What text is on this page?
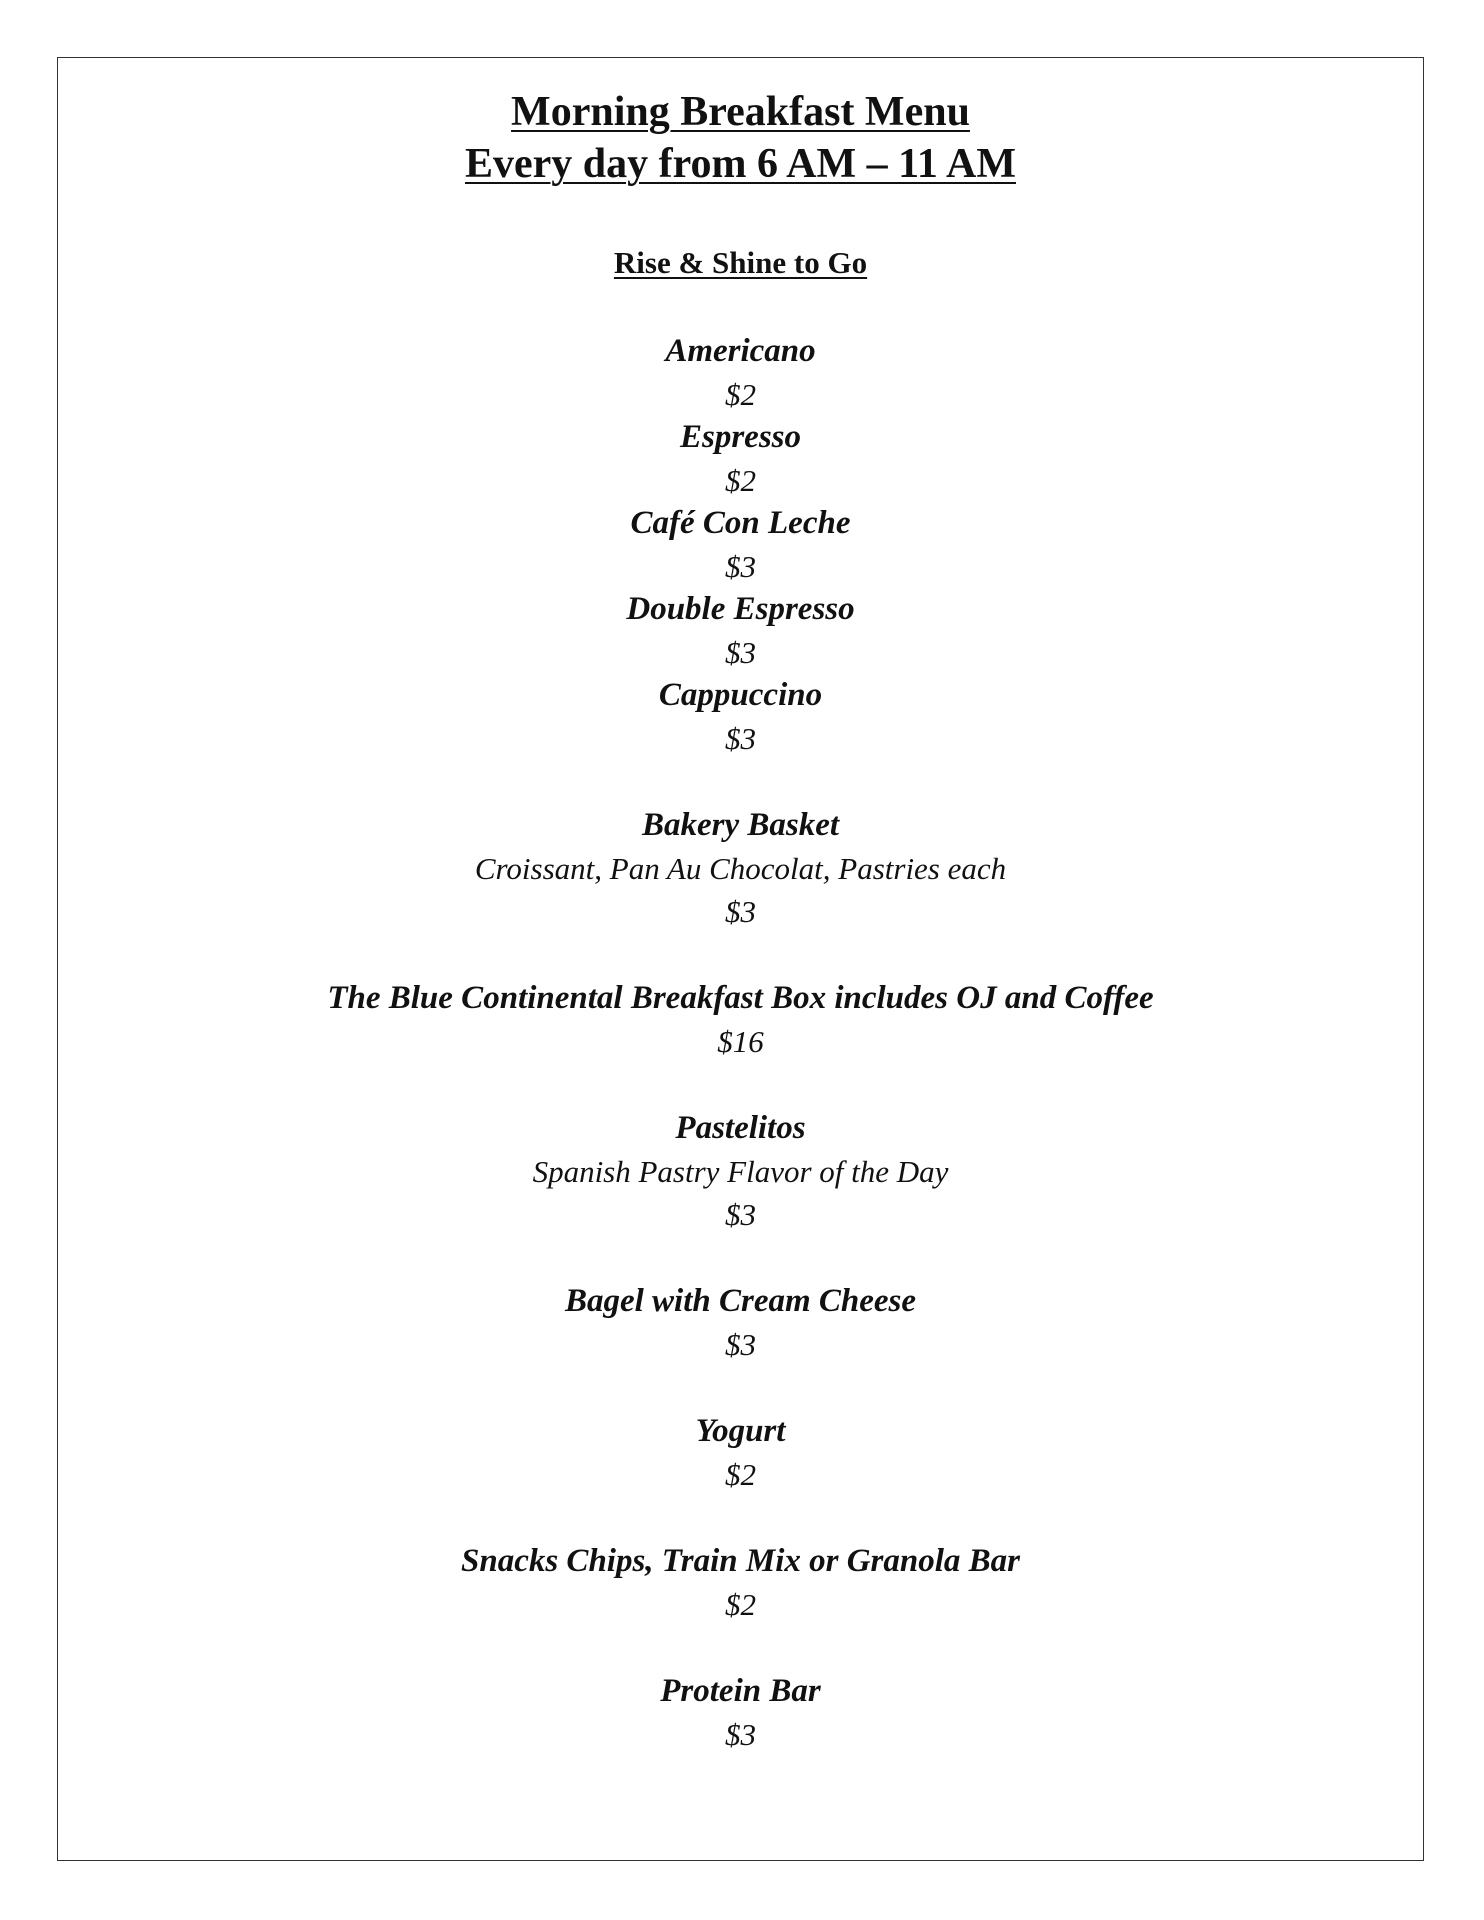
Morning Breakfast Menu
Every day from 6 AM – 11 AM
Rise & Shine to Go

Americano

$2

Espresso

$2

Café Con Leche

$3

Double Espresso

$3

Cappuccino

$3

Bakery Basket

Croissant, Pan Au Chocolat, Pastries each

$3

The Blue Continental Breakfast Box includes OJ and Coffee

$16

Pastelitos

Spanish Pastry Flavor of the Day

$3

Bagel with Cream Cheese

$3

Yogurt

$2

Snacks Chips, Train Mix or Granola Bar

$2

Protein Bar

$3
